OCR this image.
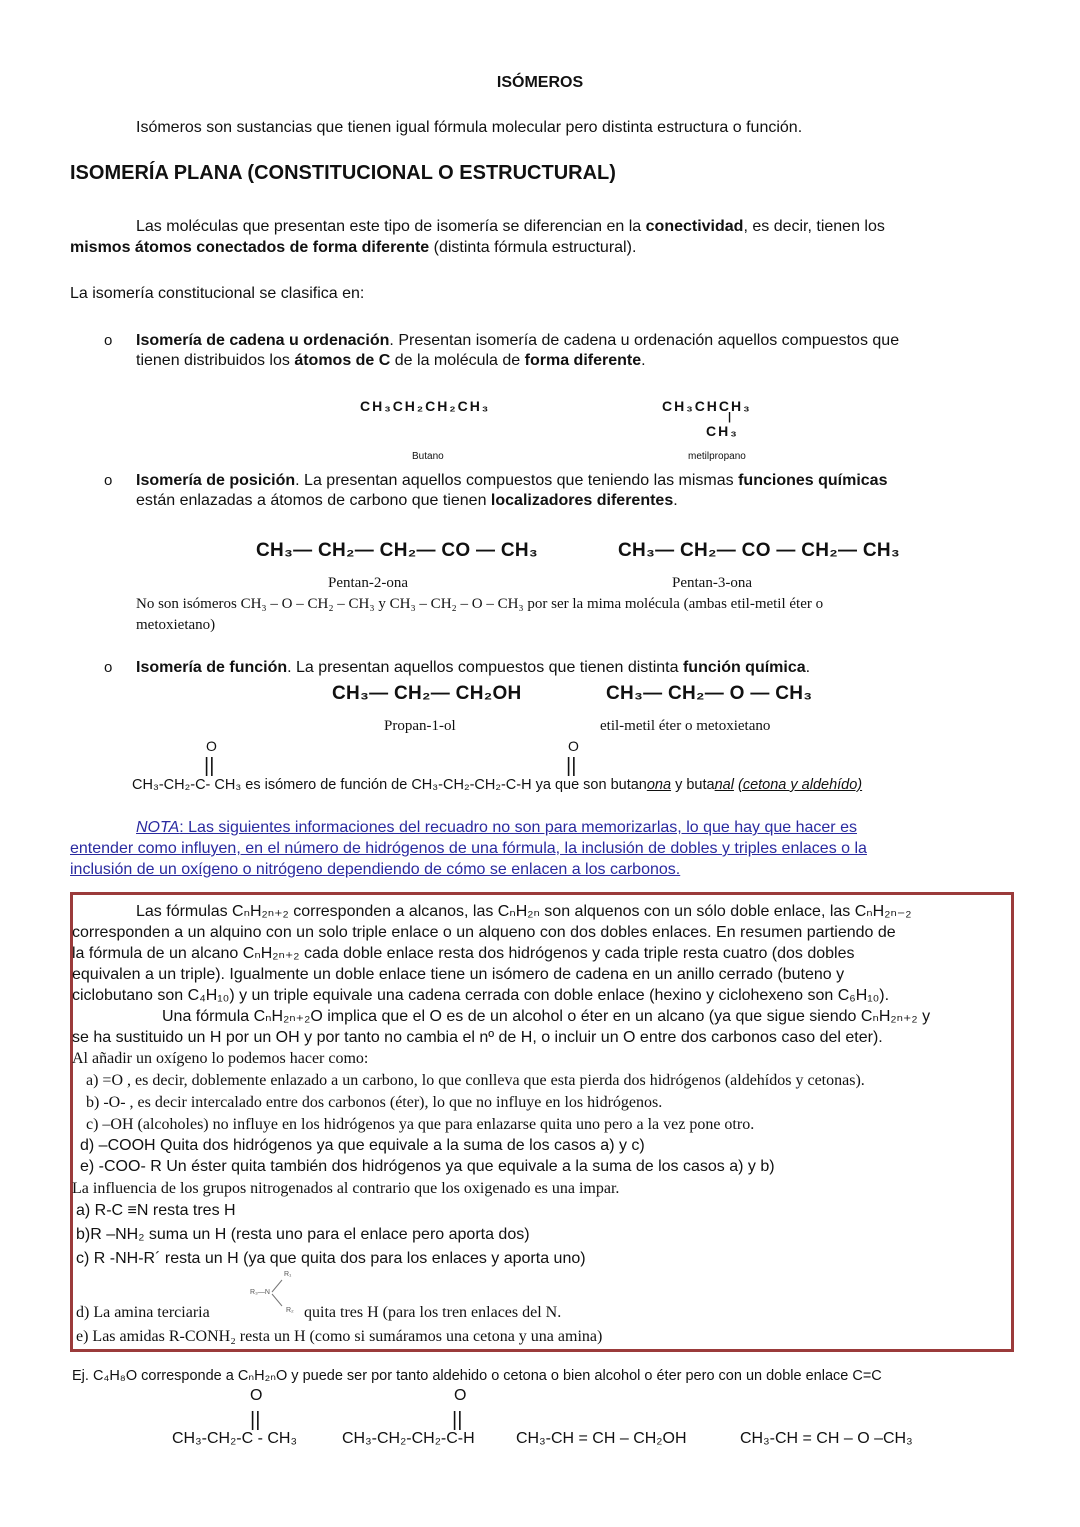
ISÓMEROS
Isómeros son sustancias que tienen igual fórmula molecular pero distinta estructura o función.
ISOMERÍA PLANA (CONSTITUCIONAL O ESTRUCTURAL)
Las moléculas que presentan este tipo de isomería se diferencian en la conectividad, es decir, tienen los
mismos átomos conectados de forma diferente (distinta fórmula estructural).
La isomería constitucional se clasifica en:
o Isomería de cadena u ordenación. Presentan isomería de cadena u ordenación aquellos compuestos que
tienen distribuidos los átomos de C de la molécula de forma diferente.
CH₃CH₂CH₂CH₃	CH₃CHCH₃
|
CH₃
Butano	metilpropano
o Isomería de posición. La presentan aquellos compuestos que teniendo las mismas funciones químicas
están enlazadas a átomos de carbono que tienen localizadores diferentes.
CH₃— CH₂— CH₂— CO — CH₃	CH₃— CH₂— CO — CH₂— CH₃
Pentan-2-ona	Pentan-3-ona
No son isómeros CH₃ – O – CH₂ – CH₃ y CH₃ – CH₂ – O – CH₃ por ser la mima molécula (ambas etil-metil éter o
metoxietano)
o Isomería de función. La presentan aquellos compuestos que tienen distinta función química.
CH₃— CH₂— CH₂OH	CH₃— CH₂— O — CH₃
Propan-1-ol	etil-metil éter o metoxietano
O
||
O
||
CH₃-CH₂-C- CH₃ es isómero de función de CH₃-CH₂-CH₂-C-H ya que son butanona y butanal (cetona y aldehído)
NOTA: Las siguientes informaciones del recuadro no son para memorizarlas, lo que hay que hacer es
entender como influyen, en el número de hidrógenos de una fórmula, la inclusión de dobles y triples enlaces o la
inclusión de un oxígeno o nitrógeno dependiendo de cómo se enlacen a los carbonos.
Las fórmulas CₙH₂ₙ₊₂ corresponden a alcanos, las CₙH₂ₙ son alquenos con un sólo doble enlace, las CₙH₂ₙ₋₂
corresponden a un alquino con un solo triple enlace o un alqueno con dos dobles enlaces. En resumen partiendo de
la fórmula de un alcano CₙH₂ₙ₊₂ cada doble enlace resta dos hidrógenos y cada triple resta cuatro (dos dobles
equivalen a un triple). Igualmente un doble enlace tiene un isómero de cadena en un anillo cerrado (buteno y
ciclobutano son C₄H₁₀) y un triple equivale una cadena cerrada con doble enlace (hexino y ciclohexeno son C₆H₁₀).
Una fórmula CₙH₂ₙ₊₂O implica que el O es de un alcohol o éter en un alcano (ya que sigue siendo CₙH₂ₙ₊₂ y
se ha sustituido un H por un OH y por tanto no cambia el nº de H, o incluir un O entre dos carbonos caso del eter).
Al añadir un oxígeno lo podemos hacer como:
a) =O , es decir, doblemente enlazado a un carbono, lo que conlleva que esta pierda dos hidrógenos (aldehídos y cetonas).
b) -O- , es decir intercalado entre dos carbonos (éter), lo que no influye en los hidrógenos.
c) –OH (alcoholes) no influye en los hidrógenos ya que para enlazarse quita uno pero a la vez pone otro.
d) –COOH Quita dos hidrógenos ya que equivale a la suma de los casos a) y c)
e) -COO- R Un éster quita también dos hidrógenos ya que equivale a la suma de los casos a) y b)
La influencia de los grupos nitrogenados al contrario que los oxigenado es una impar.
a) R-C ≡N resta tres H
b)R –NH₂ suma un H (resta uno para el enlace pero aporta dos)
c) R -NH-R´ resta un H (ya que quita dos para los enlaces y aporta uno)
R₁
R₃—N
R₂
d) La amina terciaria	quita tres H (para los tren enlaces del N.
e) Las amidas R-CONH₂ resta un H (como si sumáramos una cetona y una amina)
Ej. C₄H₈O corresponde a CₙH₂ₙO y puede ser por tanto aldehido o cetona o bien alcohol o éter pero con un doble enlace C=C
O
||
O
||
CH₃-CH₂-C - CH₃	CH₃-CH₂-CH₂-C-H	CH₃-CH = CH – CH₂OH	CH₃-CH = CH – O –CH₃
